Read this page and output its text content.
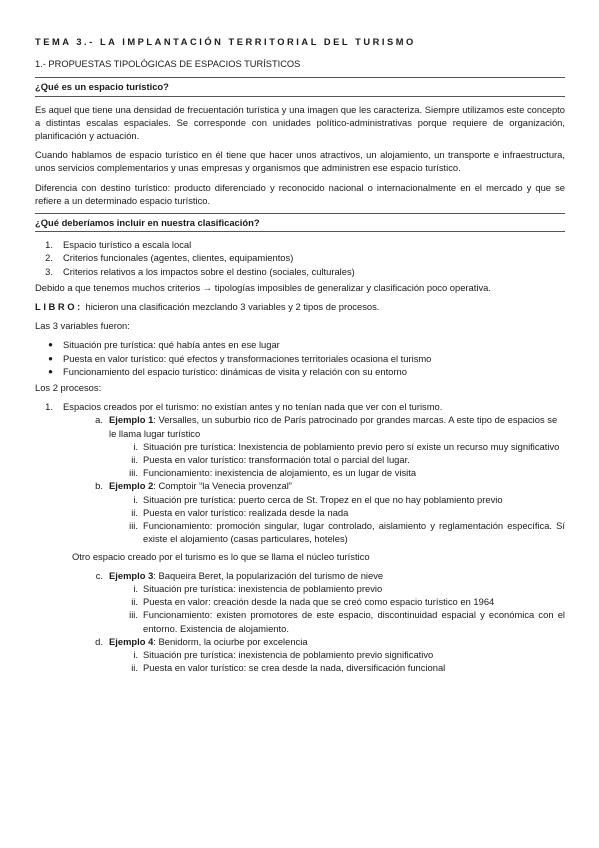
TEMA 3.- LA IMPLANTACIÓN TERRITORIAL DEL TURISMO
1.- PROPUESTAS TIPOLÓGICAS DE ESPACIOS TURÍSTICOS
¿Qué es un espacio turístico?

Es aquel que tiene una densidad de frecuentación turística y una imagen que les caracteriza. Siempre utilizamos este concepto a distintas escalas espaciales. Se corresponde con unidades político-administrativas porque requiere de organización, planificación y actuación.

Cuando hablamos de espacio turístico en él tiene que hacer unos atractivos, un alojamiento, un transporte e infraestructura, unos servicios complementarios y unas empresas y organismos que administren ese espacio turístico.

Diferencia con destino turístico: producto diferenciado y reconocido nacional o internacionalmente en el mercado y que se refiere a un determinado espacio turístico.

¿Qué deberíamos incluir en nuestra clasificación?
1.	Espacio turístico a escala local
2.	Criterios funcionales (agentes, clientes, equipamientos)
3.	Criterios relativos a los impactos sobre el destino (sociales, culturales)

Debido a que tenemos muchos criterios → tipologías imposibles de generalizar y clasificación poco operativa.

LIBRO: hicieron una clasificación mezclando 3 variables y 2 tipos de procesos.

Las 3 variables fueron:

●	Situación pre turística: qué había antes en ese lugar
●	Puesta en valor turístico: qué efectos y transformaciones territoriales ocasiona el turismo
●	Funcionamiento del espacio turístico: dinámicas de visita y relación con su entorno

Los 2 procesos:

1.	Espacios creados por el turismo: no existían antes y no tenían nada que ver con el turismo.
a. Ejemplo 1: Versalles, un suburbio rico de París patrocinado por grandes marcas. A este tipo de espacios se le llama lugar turístico
i. Situación pre turística: Inexistencia de poblamiento previo pero sí existe un recurso muy significativo
ii. Puesta en valor turístico: transformación total o parcial del lugar.
iii. Funcionamiento: inexistencia de alojamiento, es un lugar de visita
b. Ejemplo 2: Comptoir “la Venecia provenzal”
i. Situación pre turística: puerto cerca de St. Tropez en el que no hay poblamiento previo
ii. Puesta en valor turístico: realizada desde la nada
iii. Funcionamiento: promoción singular, lugar controlado, aislamiento y reglamentación específica. Sí existe el alojamiento (casas particulares, hoteles)

Otro espacio creado por el turismo es lo que se llama el núcleo turístico

c. Ejemplo 3: Baqueira Beret, la popularización del turismo de nieve
i. Situación pre turística: inexistencia de poblamiento previo
ii. Puesta en valor: creación desde la nada que se creó como espacio turístico en 1964
iii. Funcionamiento: existen promotores de este espacio, discontinuidad espacial y económica con el entorno. Existencia de alojamiento.
d. Ejemplo 4: Benidorm, la ociurbe por excelencia
i. Situación pre turística: inexistencia de poblamiento previo significativo
ii. Puesta en valor turístico: se crea desde la nada, diversificación funcional
